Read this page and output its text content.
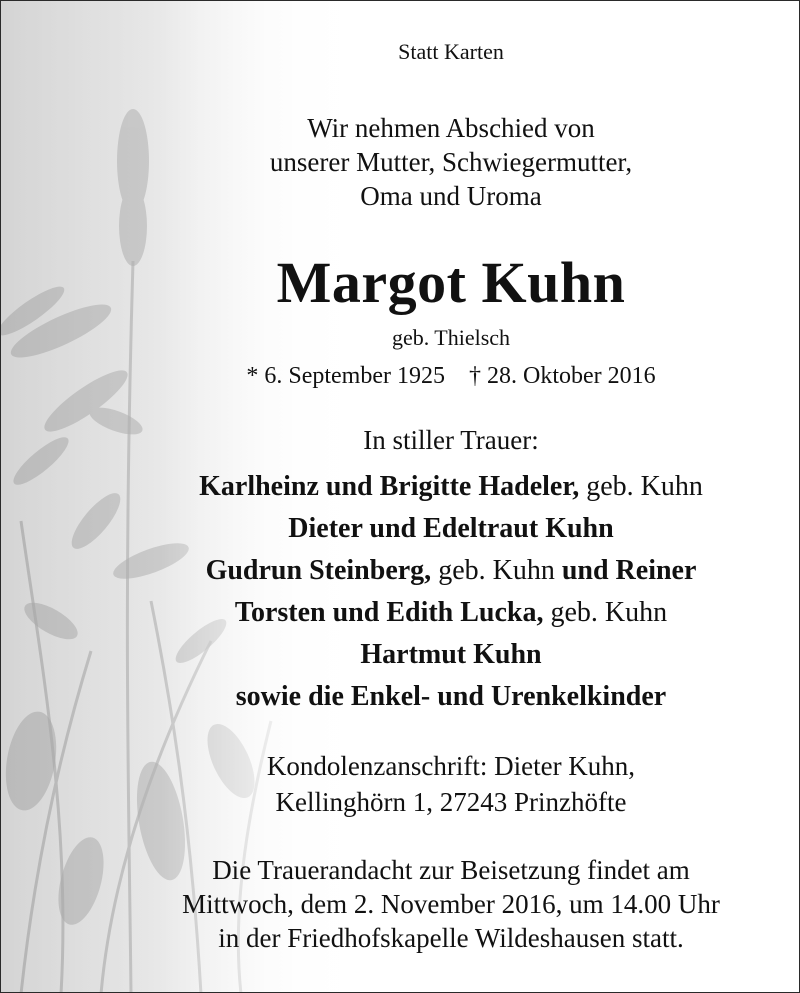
Statt Karten
Wir nehmen Abschied von
unserer Mutter, Schwiegermutter,
Oma und Uroma
Margot Kuhn
geb. Thielsch
* 6. September 1925 † 28. Oktober 2016
In stiller Trauer:
Karlheinz und Brigitte Hadeler, geb. Kuhn
Dieter und Edeltraut Kuhn
Gudrun Steinberg, geb. Kuhn und Reiner
Torsten und Edith Lucka, geb. Kuhn
Hartmut Kuhn
sowie die Enkel- und Urenkelkinder
Kondolenzanschrift: Dieter Kuhn,
Kellinghörn 1, 27243 Prinzhöfte
Die Trauerandacht zur Beisetzung findet am
Mittwoch, dem 2. November 2016, um 14.00 Uhr
in der Friedhofskapelle Wildeshausen statt.
